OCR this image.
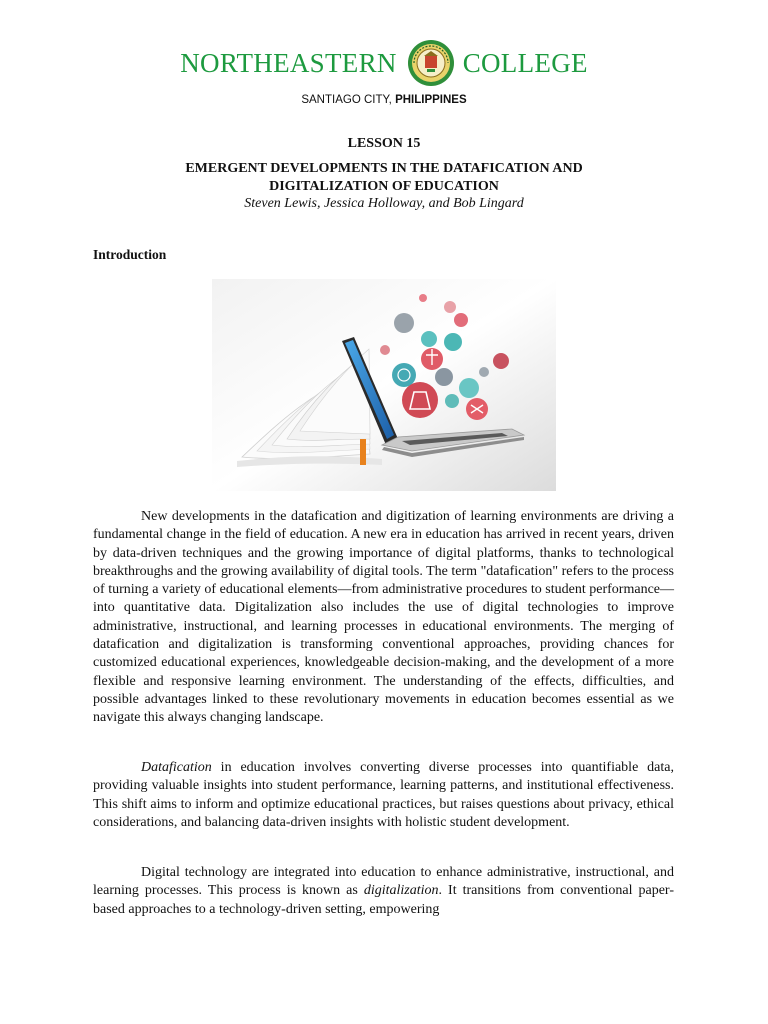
NORTHEASTERN COLLEGE
SANTIAGO CITY, PHILIPPINES
LESSON 15
EMERGENT DEVELOPMENTS IN THE DATAFICATION AND
DIGITALIZATION OF EDUCATION
Steven Lewis, Jessica Holloway, and Bob Lingard
Introduction

New developments in the datafication and digitization of learning environments are driving a fundamental change in the field of education. A new era in education has arrived in recent years, driven by data-driven techniques and the growing importance of digital platforms, thanks to technological breakthroughs and the growing availability of digital tools. The term "datafication" refers to the process of turning a variety of educational elements—from administrative procedures to student performance—into quantitative data. Digitalization also includes the use of digital technologies to improve administrative, instructional, and learning processes in educational environments. The merging of datafication and digitalization is transforming conventional approaches, providing chances for customized educational experiences, knowledgeable decision-making, and the development of a more flexible and responsive learning environment. The understanding of the effects, difficulties, and possible advantages linked to these revolutionary movements in education becomes essential as we navigate this always changing landscape.

Datafication in education involves converting diverse processes into quantifiable data, providing valuable insights into student performance, learning patterns, and institutional effectiveness. This shift aims to inform and optimize educational practices, but raises questions about privacy, ethical considerations, and balancing data-driven insights with holistic student development.

Digital technology are integrated into education to enhance administrative, instructional, and learning processes. This process is known as digitalization. It transitions from conventional paper-based approaches to a technology-driven setting, empowering
